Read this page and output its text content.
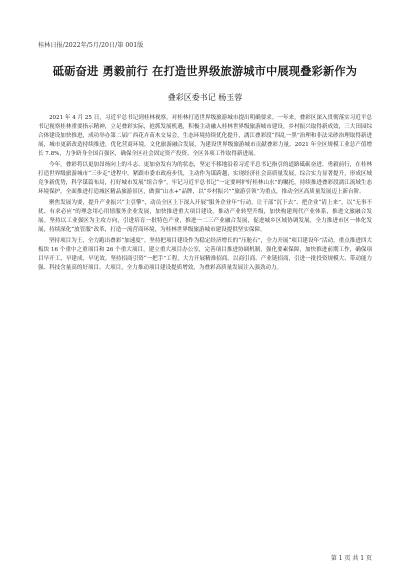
桂林日报/2022年/5月/20日/第 001版
砥砺奋进 勇毅前行 在打造世界级旅游城市中展现叠彩新作为
叠彩区委书记 杨玉蓉

2021 年 4 月 25 日，习近平总书记到桂林视察，对桂林打造世界级旅游城市提出明确要求。一年来，叠彩区深入贯彻落实习近平总书记视察桂林重要指示精神，立足叠彩实际，抢抓发展机遇，积极主动融入桂林世界级旅游城市建设，乡村振兴取得新成效，三大田园综合体建设加快推进，成功举办第二届广西花卉苗木交易会，生态环境持续优化提升，漓江叠彩段“四乱一黑”治理和非法采砂治理取得新进展，城市更新改造持续推进，优化营商环境，文化旅游融合发展，为建设世界级旅游城市贡献叠彩力量。2021 年全区规模工业总产值增长 7.8%，力争跻身全国百强区，确保全区社会固定资产投资、全区各项工作取得新进展。

今年，叠彩将以更加昂扬向上的斗志、更加奋发有为的状态，坚定不移地沿着习近平总书记指引的道路砥砺奋进、勇毅前行，在桂林打造世界级旅游城市“三步走”进程中，紧跟市委市政府步伐，主动作为谋跨越，实现经济社会高质量发展，综合实力显著提升，形成区域竞争新优势，科学谋篇布局，打好城市发展“组合拳”，牢记习近平总书记“一定要呵护好桂林山水”的嘱托，持续推进叠彩段漓江流域生态环境保护，全面推进打造城区精品旅游景区，做强“山水+”品牌，以“乡村振兴”“旅游引领”为重点，推动全区高质量发展迈上新台阶。

聚焦发展为要，提升产业振兴“主引擎”，动员全区上下深入开展“服务企业年”行动，让干部“沉下去”、把企业“请上来”，以“无事不扰、有求必应”的理念用心用情服务企业发展，加快推进重大项目建设，推动产业转型升级，加快构建现代产业体系，推进文旅融合发展。坚持以工业强区为主攻方向，引进培育一批特色产业，推进一二三产业融合发展，促进城乡区域协调发展，全力推进市区一体化发展，持续深化“放管服”改革，打造一流营商环境，为桂林世界级旅游城市建设提供坚实保障。

坚持项目为王，全力跑出叠彩“加速度”。坚持把项目建设作为稳定经济增长的“压舱石”，全力开展“项目建设年”活动，重点推进四大板块 16 个重中之重项目和 26 个重大项目，建立重大项目办公室，完善项目推进协调机制，强化要素保障，加快推进前期工作，确保项目早开工、早建成、早见效。坚持招商引资“一把手”工程，大力开展精准招商、以商引商、产业链招商，引进一批投资规模大、带动能力强、科技含量高的好项目、大项目，全力推动项目建设提质增效，为叠彩高质量发展注入强劲动力。

第 1 页 共 1 页
